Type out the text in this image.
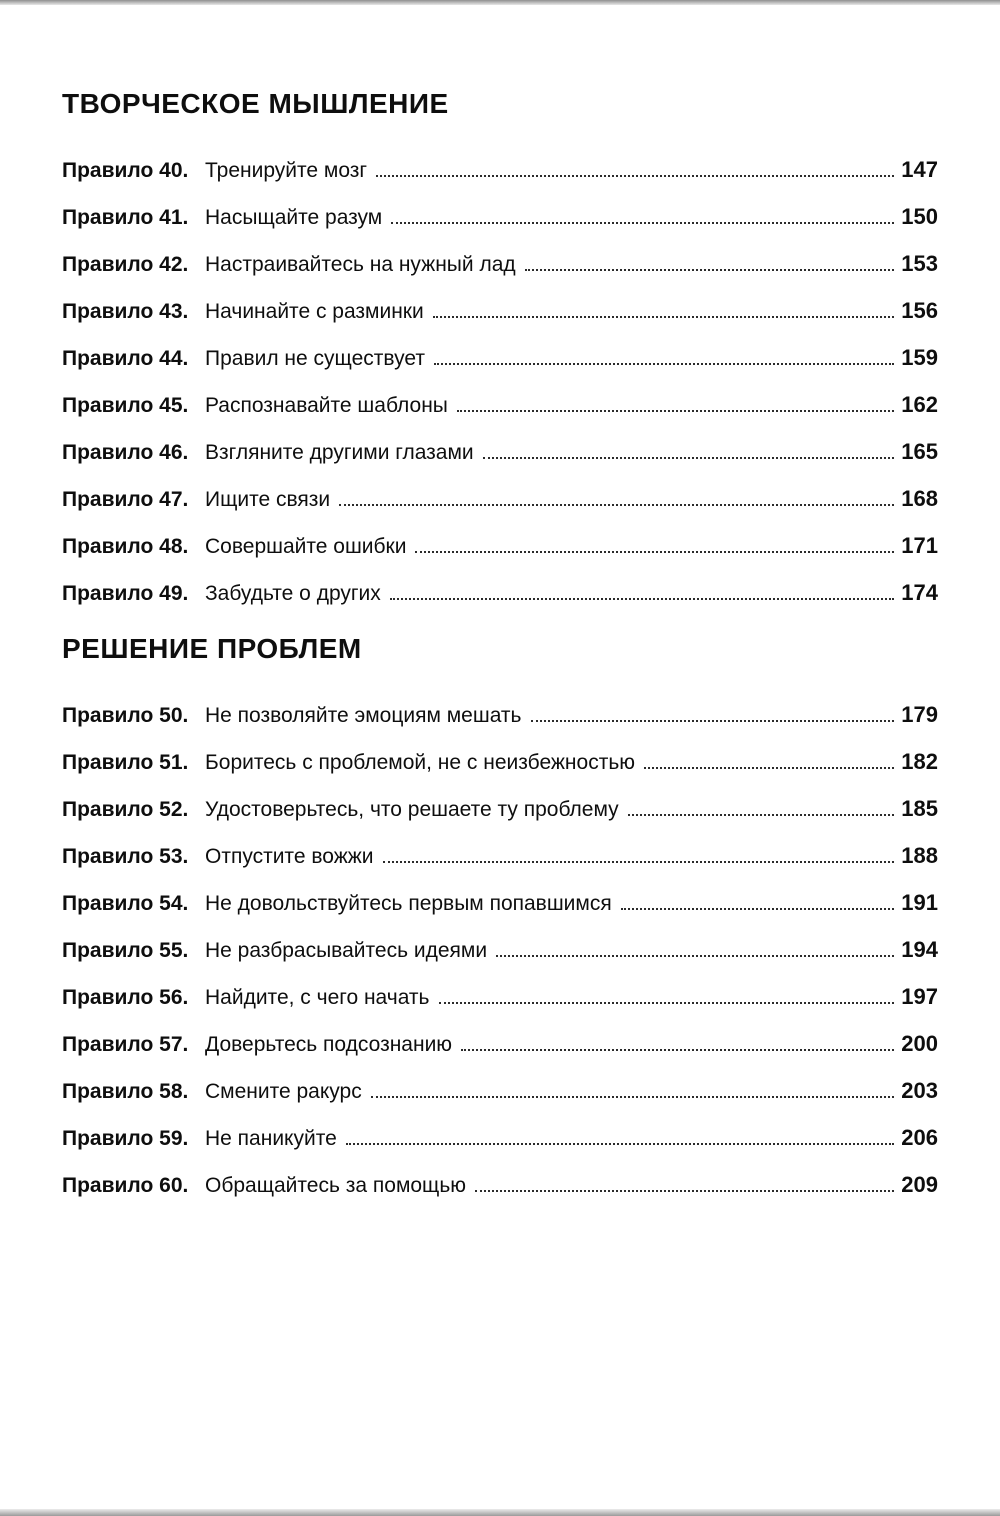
ТВОРЧЕСКОЕ МЫШЛЕНИЕ
Правило 40. Тренируйте мозг	147
Правило 41. Насыщайте разум	150
Правило 42. Настраивайтесь на нужный лад	153
Правило 43. Начинайте с разминки	156
Правило 44. Правил не существует	159
Правило 45. Распознавайте шаблоны	162
Правило 46. Взгляните другими глазами	165
Правило 47. Ищите связи	168
Правило 48. Совершайте ошибки	171
Правило 49. Забудьте о других	174
РЕШЕНИЕ ПРОБЛЕМ
Правило 50. Не позволяйте эмоциям мешать	179
Правило 51. Боритесь с проблемой, не с неизбежностью	182
Правило 52. Удостоверьтесь, что решаете ту проблему	185
Правило 53. Отпустите вожжи	188
Правило 54. Не довольствуйтесь первым попавшимся	191
Правило 55. Не разбрасывайтесь идеями	194
Правило 56. Найдите, с чего начать	197
Правило 57. Доверьтесь подсознанию	200
Правило 58. Смените ракурс	203
Правило 59. Не паникуйте	206
Правило 60. Обращайтесь за помощью	209
